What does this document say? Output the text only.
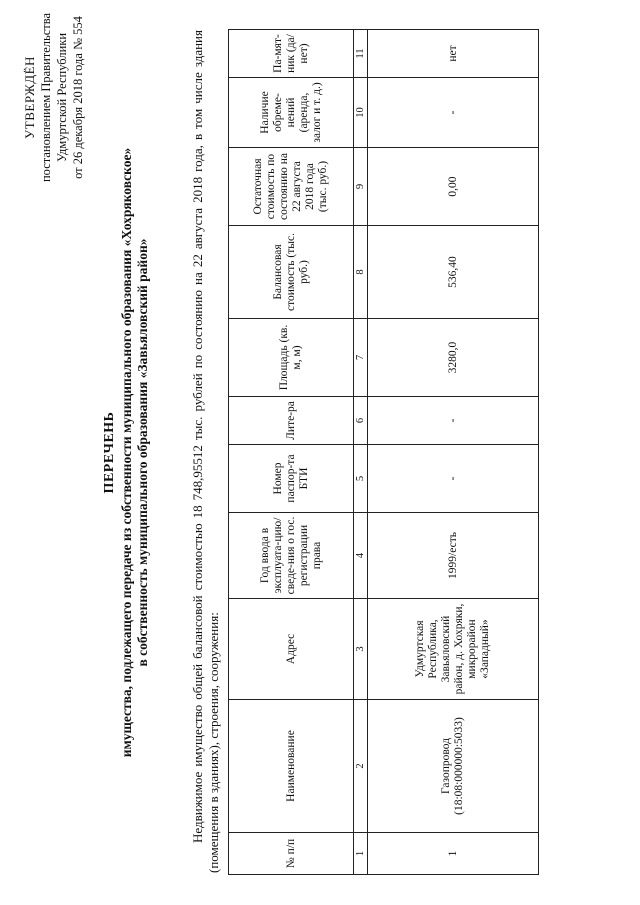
УТВЕРЖДЁН постановлением Правительства Удмуртской Республики от 26 декабря 2018 года № 554
ПЕРЕЧЕНЬ имущества, подлежащего передаче из собственности муниципального образования «Хохряковское» в собственность муниципального образования «Завьяловский район»	Недвижимое имущество общей балансовой стоимостью 18 748,95512 тыс. рублей по состоянию на 22 августа 2018 года, в том числе здания (помещения в зданиях), строения, сооружения:	№ п/п	Наименование	Адрес	Год ввода в эксплуата-цию/сведе-ния о гос. регистрации права	Номер паспор-та БТИ	Лите-ра	Площадь (кв. м, м)	Балансовая стоимость (тыс. руб.)	Остаточная стоимость по состоянию на 22 августа 2018 года (тыс. руб.)	Наличие обреме-нений (аренда, залог и т. д.)	Па-мят-ник (да/ нет)
1	2	3	4	5	6	7	8	9	10	11
1	Газопровод (18:08:000000:5033)	Удмуртская Республика, Завьяловский район, д. Хохряки, микрорайон «Западный»	1999/есть	-	-	3280,0	536,40	0,00	-	нет
